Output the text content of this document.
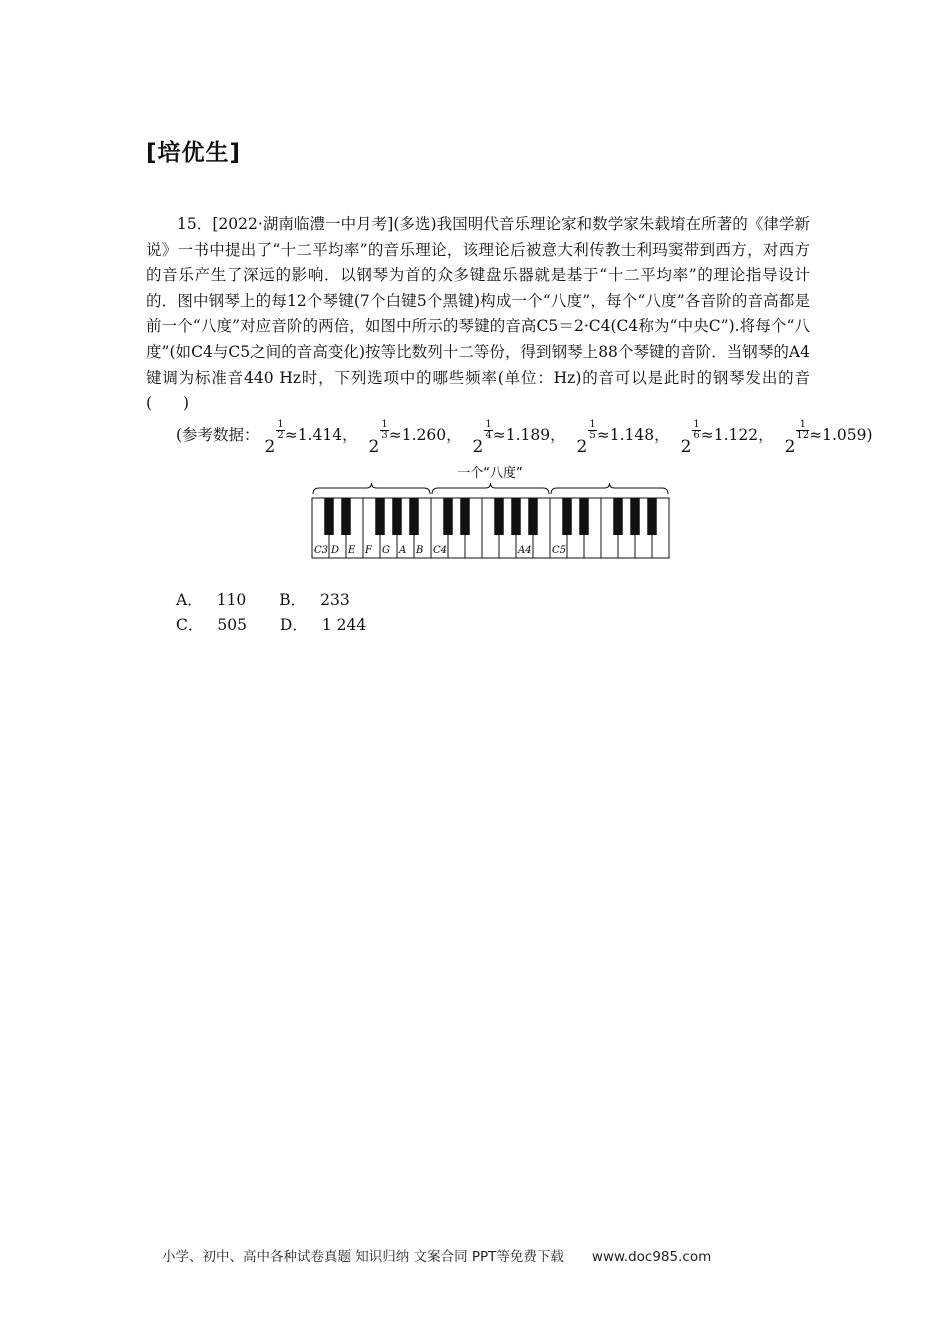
[培优生]
15．[2022·湖南临澧一中月考](多选)我国明代音乐理论家和数学家朱载堉在所著的《律学新说》一书中提出了“十二平均率”的音乐理论，该理论后被意大利传教士利玛窦带到西方，对西方的音乐产生了深远的影响．以钢琴为首的众多键盘乐器就是基于“十二平均率”的理论指导设计的．图中钢琴上的每12个琴键(7个白键5个黑键)构成一个“八度”，每个“八度”各音阶的音高都是前一个“八度”对应音阶的两倍，如图中所示的琴键的音高C5＝2·C4(C4称为“中央C”).将每个“八度”(如C4与C5之间的音高变化)按等比数列十二等份，得到钢琴上88个琴键的音阶．当钢琴的A4键调为标准音440 Hz时，下列选项中的哪些频率(单位：Hz)的音可以是此时的钢琴发出的音(　　)
(参考数据： 2
$\frac{1}{2} \approx 1.414$， 2
$\frac{1}{3} \approx 1.260$， 2
$\frac{1}{4} \approx 1.189$， 2
$\frac{1}{5} \approx 1.148$， 2
$\frac{1}{6} \approx 1.122$， 2
$\frac{1}{12} \approx 1.059$)
一个“八度”
C3 D E F G A B C4	A4 C5
A． 110 B． 233
C． 505 D． 1 244
小学、初中、高中各种试卷真题 知识归纳 文案合同 PPT等免费下载 www.doc985.com
